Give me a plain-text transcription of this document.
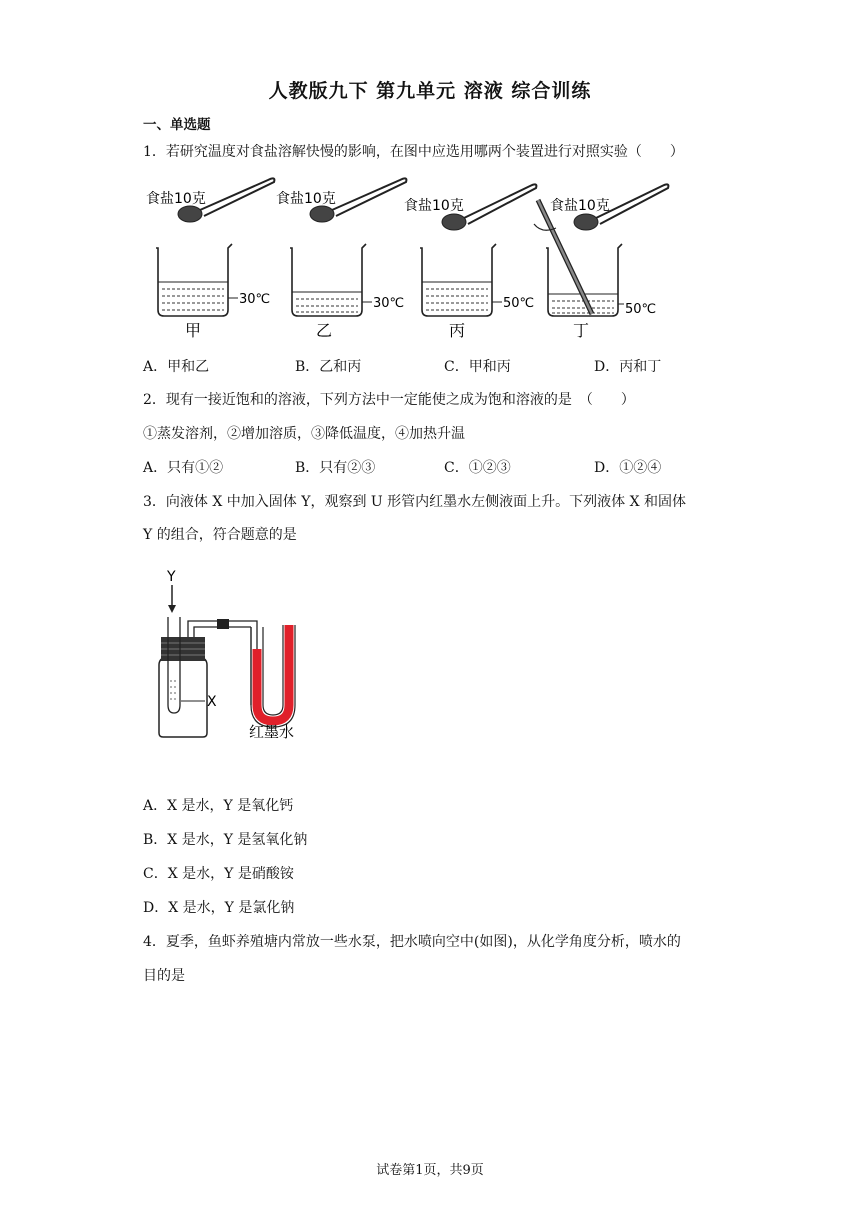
人教版九下 第九单元 溶液 综合训练
一、单选题
1．若研究温度对食盐溶解快慢的影响，在图中应选用哪两个装置进行对照实验（　　）
30℃
甲
食盐10克
30℃
乙
食盐10克
50℃
丙
食盐10克
50℃
丁
食盐10克
A．甲和乙	B．乙和丙	C．甲和丙	D．丙和丁
2．现有一接近饱和的溶液，下列方法中一定能使之成为饱和溶液的是　（　　）
①蒸发溶剂，②增加溶质，③降低温度，④加热升温
A．只有①②	B．只有②③	C．①②③	D．①②④
3．向液体 X 中加入固体 Y，观察到 U 形管内红墨水左侧液面上升。下列液体 X 和固体
Y 的组合，符合题意的是
Y
X
红墨水
A．X 是水，Y 是氧化钙
B．X 是水，Y 是氢氧化钠
C．X 是水，Y 是硝酸铵
D．X 是水，Y 是氯化钠
4．夏季，鱼虾养殖塘内常放一些水泵，把水喷向空中(如图)，从化学角度分析，喷水的
目的是
试卷第1页，共9页
